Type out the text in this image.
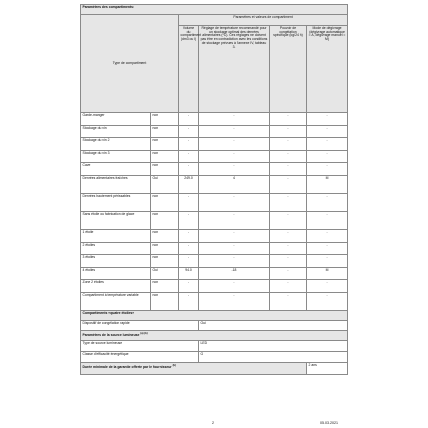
Paramètres des compartiments:					
Type de compartiment		Paramètres et valeurs de compartiment			
		Volume du compartiment (dm3 ou l)	Réglage de température recommandé pour un stockage optimal des denrées alimentaires (ºC). Ces réglages ne doivent pas être en contradiction avec les conditions de stockage prévues à l'annexe IV, tableau 3.	Pouvoir de congélation spécifique (kg/24 h)	Mode de dégivrage (dégivrage automatique = A, dégivrage manuel = M)
Garde-manger	non	-	-	-	-
Stockage du vin	non	-	-	-	-
Stockage du vin 2	non	-	-	-	-
Stockage du vin 3	non	-	-	-	-
Cave	non	-	-	-	-
Denrées alimentaires fraîches	Oui	249.0	4	-	M
Denrées hautement périssables	non	-	-	-	-
Sans étoile ou fabrication de glace	non	-	-	-	-
1 étoile	non	-	-	-	-
2 étoiles	non	-	-	-	-
3 étoiles	non	-	-	-	-
4 étoiles	Oui	94.0	-18	-	M
Zone 2 étoiles	non	-	-	-	-
Compartiment à température variable	non	-	-	-	-
Compartiments «quatre étoiles»					
Dispositif de congélation rapide			Oui		
Paramètres de la source lumineuse $^{(a) (b)}$
Type de source lumineuse			LED		
Classe d'efficacité énergétique			G		
Durée minimale de la garantie offerte par le fournisseur $^{(b)}$					2 ans
2	05.03.2021
